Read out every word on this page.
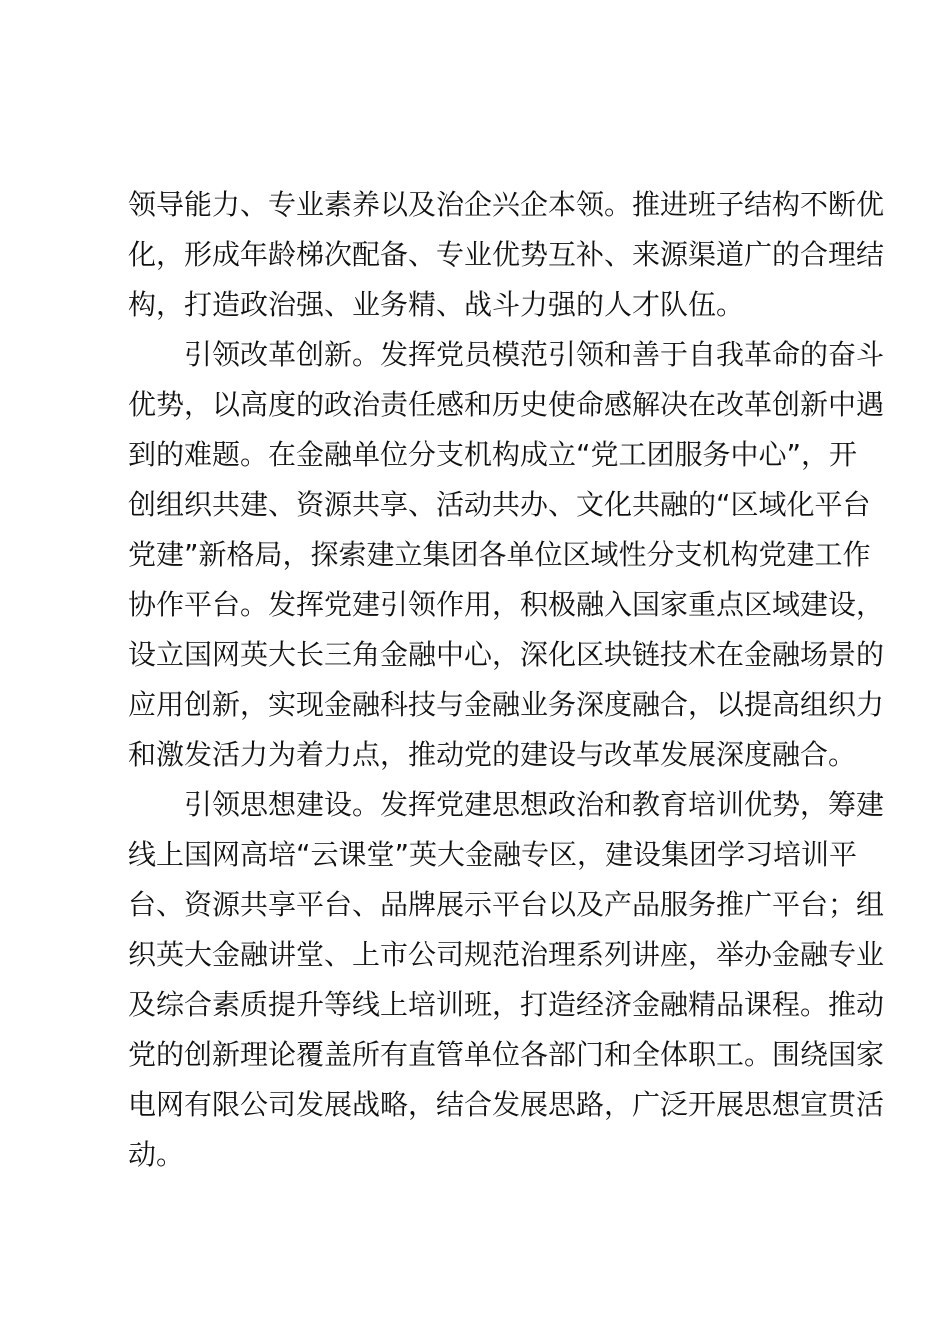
领导能力、专业素养以及治企兴企本领。推进班子结构不断优
化，形成年龄梯次配备、专业优势互补、来源渠道广的合理结
构，打造政治强、业务精、战斗力强的人才队伍。
引领改革创新。发挥党员模范引领和善于自我革命的奋斗
优势，以高度的政治责任感和历史使命感解决在改革创新中遇
到的难题。在金融单位分支机构成立“党工团服务中心”，开
创组织共建、资源共享、活动共办、文化共融的“区域化平台
党建”新格局，探索建立集团各单位区域性分支机构党建工作
协作平台。发挥党建引领作用，积极融入国家重点区域建设，
设立国网英大长三角金融中心，深化区块链技术在金融场景的
应用创新，实现金融科技与金融业务深度融合，以提高组织力
和激发活力为着力点，推动党的建设与改革发展深度融合。
引领思想建设。发挥党建思想政治和教育培训优势，筹建
线上国网高培“云课堂”英大金融专区，建设集团学习培训平
台、资源共享平台、品牌展示平台以及产品服务推广平台；组
织英大金融讲堂、上市公司规范治理系列讲座，举办金融专业
及综合素质提升等线上培训班，打造经济金融精品课程。推动
党的创新理论覆盖所有直管单位各部门和全体职工。围绕国家
电网有限公司发展战略，结合发展思路，广泛开展思想宣贯活
动。
